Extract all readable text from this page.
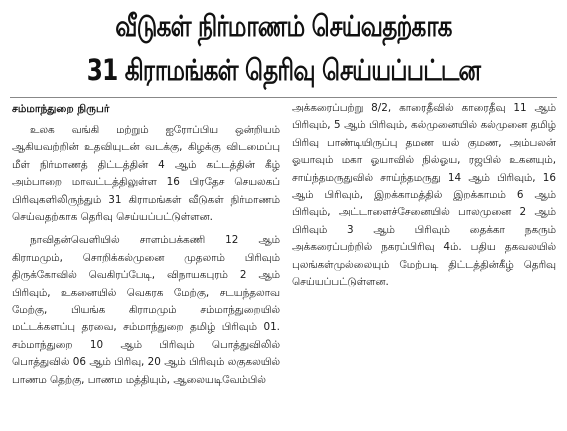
வீடுகள் நிர்மாணம் செய்வதற்காக
31 கிராமங்கள் தெரிவு செய்யப்பட்டன
சம்மாந்துறை நிருபர்
உலக வங்கி மற்றும் ஐரோப்பிய ஒன்றியம் ஆகியவற்றின் உதவியுடன் வடக்கு, கிழக்கு விடமைப்பு மீள் நிர்மாணத் திட்டத்தின் 4 ஆம் கட்டத்தின் கீழ் அம்பாறை மாவட்டத்திலுள்ள 16 பிரதேச செயலகப் பிரிவுகளிலிருந்தும் 31 கிராமங்கள் வீடுகள் நிர்மாணம் செய்வதற்காக தெரிவு செய்யப்பட்டுள்ளன.
நாவிதன்வெளியில் சாளம்பக்கணி 12 ஆம் கிராமமும், சொறிக்கல்முனை முதலாம் பிரிவும் திருக்கோவில் வெகிரப்பேடி, விநாயகபுரம் 2 ஆம் பிரிவும், உகனையில் வெகரக மேற்கு, சடயந்தலாவ மேற்கு, பியங்க கிராமமும் சம்மாந்துறையில் மட்டக்களப்பு தரவை, சம்மாந்துறை தமிழ் பிரிவும் 01. சம்மாந்துறை 10 ஆம் பிரிவும் பொத்துவிலில் பொத்துவில் 06 ஆம் பிரிவு, 20 ஆம் பிரிவும் லகுகலயில் பாணம தெற்கு, பாணம மத்தியும், ஆலையடிவேம்பில்
அக்கரைப்பற்று 8/2, காரைதீவில் காரைதீவு 11 ஆம் பிரிவும், 5 ஆம் பிரிவும், கல்முனையில் கல்முனை தமிழ் பிரிவு பாண்டியிருப்பு தமண யல் குமண, அம்பலன் ஓயாவும் மகா ஓயாவில் நில்ஓய, ரஜபில் உகனயும், சாய்ந்தமருதுவில் சாய்ந்தமருது 14 ஆம் பிரிவும், 16 ஆம் பிரிவும், இறக்காமத்தில் இறக்காமம் 6 ஆம் பிரிவும், அட்டாளைச்சேனையில் பாலமுனை 2 ஆம் பிரிவும் 3 ஆம் பிரிவும் தைக்கா நகரும் அக்கரைப்பற்றில் நகரப்பிரிவு 4ம். பதிய தகவலயில் புலங்கள்முல்லையும் மேற்படி திட்டத்தின்கீழ் தெரிவு செய்யப்பட்டுள்ளன.
